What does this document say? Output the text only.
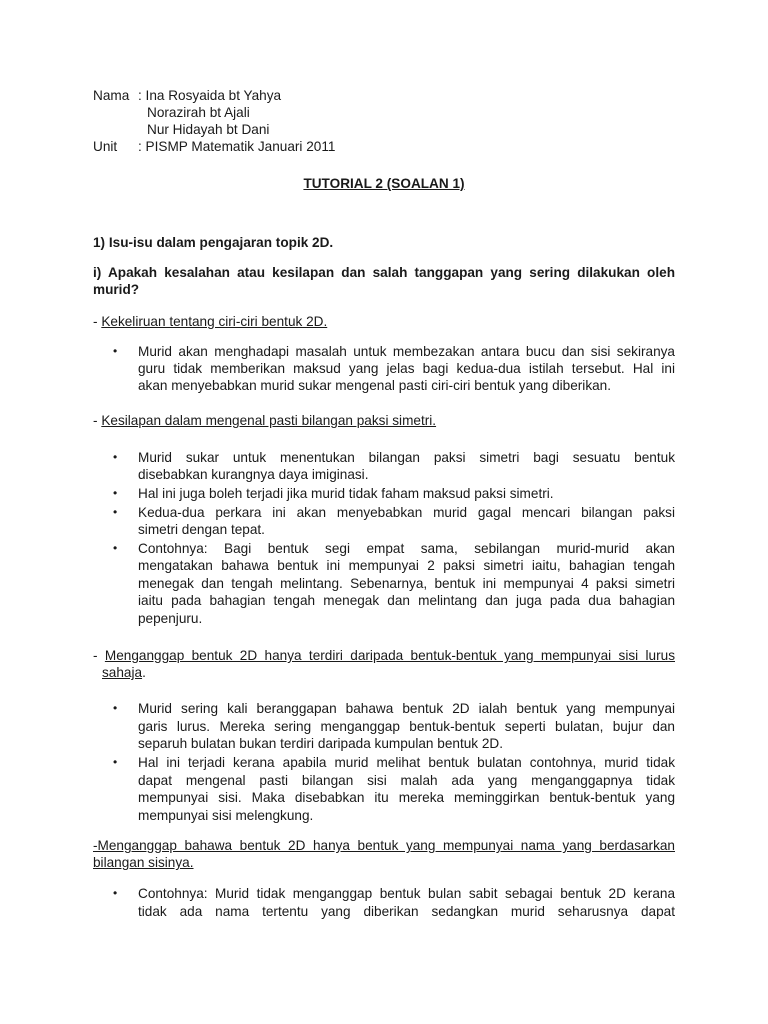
Nama : Ina Rosyaida bt Yahya
Norazirah bt Ajali
Nur Hidayah bt Dani
Unit : PISMP Matematik Januari 2011
TUTORIAL 2 (SOALAN 1)
1) Isu-isu dalam pengajaran topik 2D.
i) Apakah kesalahan atau kesilapan dan salah tanggapan yang sering dilakukan oleh
murid?
- Kekeliruan tentang ciri-ciri bentuk 2D.
• Murid akan menghadapi masalah untuk membezakan antara bucu dan sisi sekiranya
guru tidak memberikan maksud yang jelas bagi kedua-dua istilah tersebut. Hal ini
akan menyebabkan murid sukar mengenal pasti ciri-ciri bentuk yang diberikan.
- Kesilapan dalam mengenal pasti bilangan paksi simetri.
• Murid sukar untuk menentukan bilangan paksi simetri bagi sesuatu bentuk
disebabkan kurangnya daya imiginasi.
• Hal ini juga boleh terjadi jika murid tidak faham maksud paksi simetri.
• Kedua-dua perkara ini akan menyebabkan murid gagal mencari bilangan paksi
simetri dengan tepat.
• Contohnya: Bagi bentuk segi empat sama, sebilangan murid-murid akan
mengatakan bahawa bentuk ini mempunyai 2 paksi simetri iaitu, bahagian tengah
menegak dan tengah melintang. Sebenarnya, bentuk ini mempunyai 4 paksi simetri
iaitu pada bahagian tengah menegak dan melintang dan juga pada dua bahagian
pepenjuru.
- Menganggap bentuk 2D hanya terdiri daripada bentuk-bentuk yang mempunyai sisi lurus
sahaja.
• Murid sering kali beranggapan bahawa bentuk 2D ialah bentuk yang mempunyai
garis lurus. Mereka sering menganggap bentuk-bentuk seperti bulatan, bujur dan
separuh bulatan bukan terdiri daripada kumpulan bentuk 2D.
• Hal ini terjadi kerana apabila murid melihat bentuk bulatan contohnya, murid tidak
dapat mengenal pasti bilangan sisi malah ada yang menganggapnya tidak
mempunyai sisi. Maka disebabkan itu mereka meminggirkan bentuk-bentuk yang
mempunyai sisi melengkung.
-Menganggap bahawa bentuk 2D hanya bentuk yang mempunyai nama yang berdasarkan
bilangan sisinya.
• Contohnya: Murid tidak menganggap bentuk bulan sabit sebagai bentuk 2D kerana
tidak ada nama tertentu yang diberikan sedangkan murid seharusnya dapat
